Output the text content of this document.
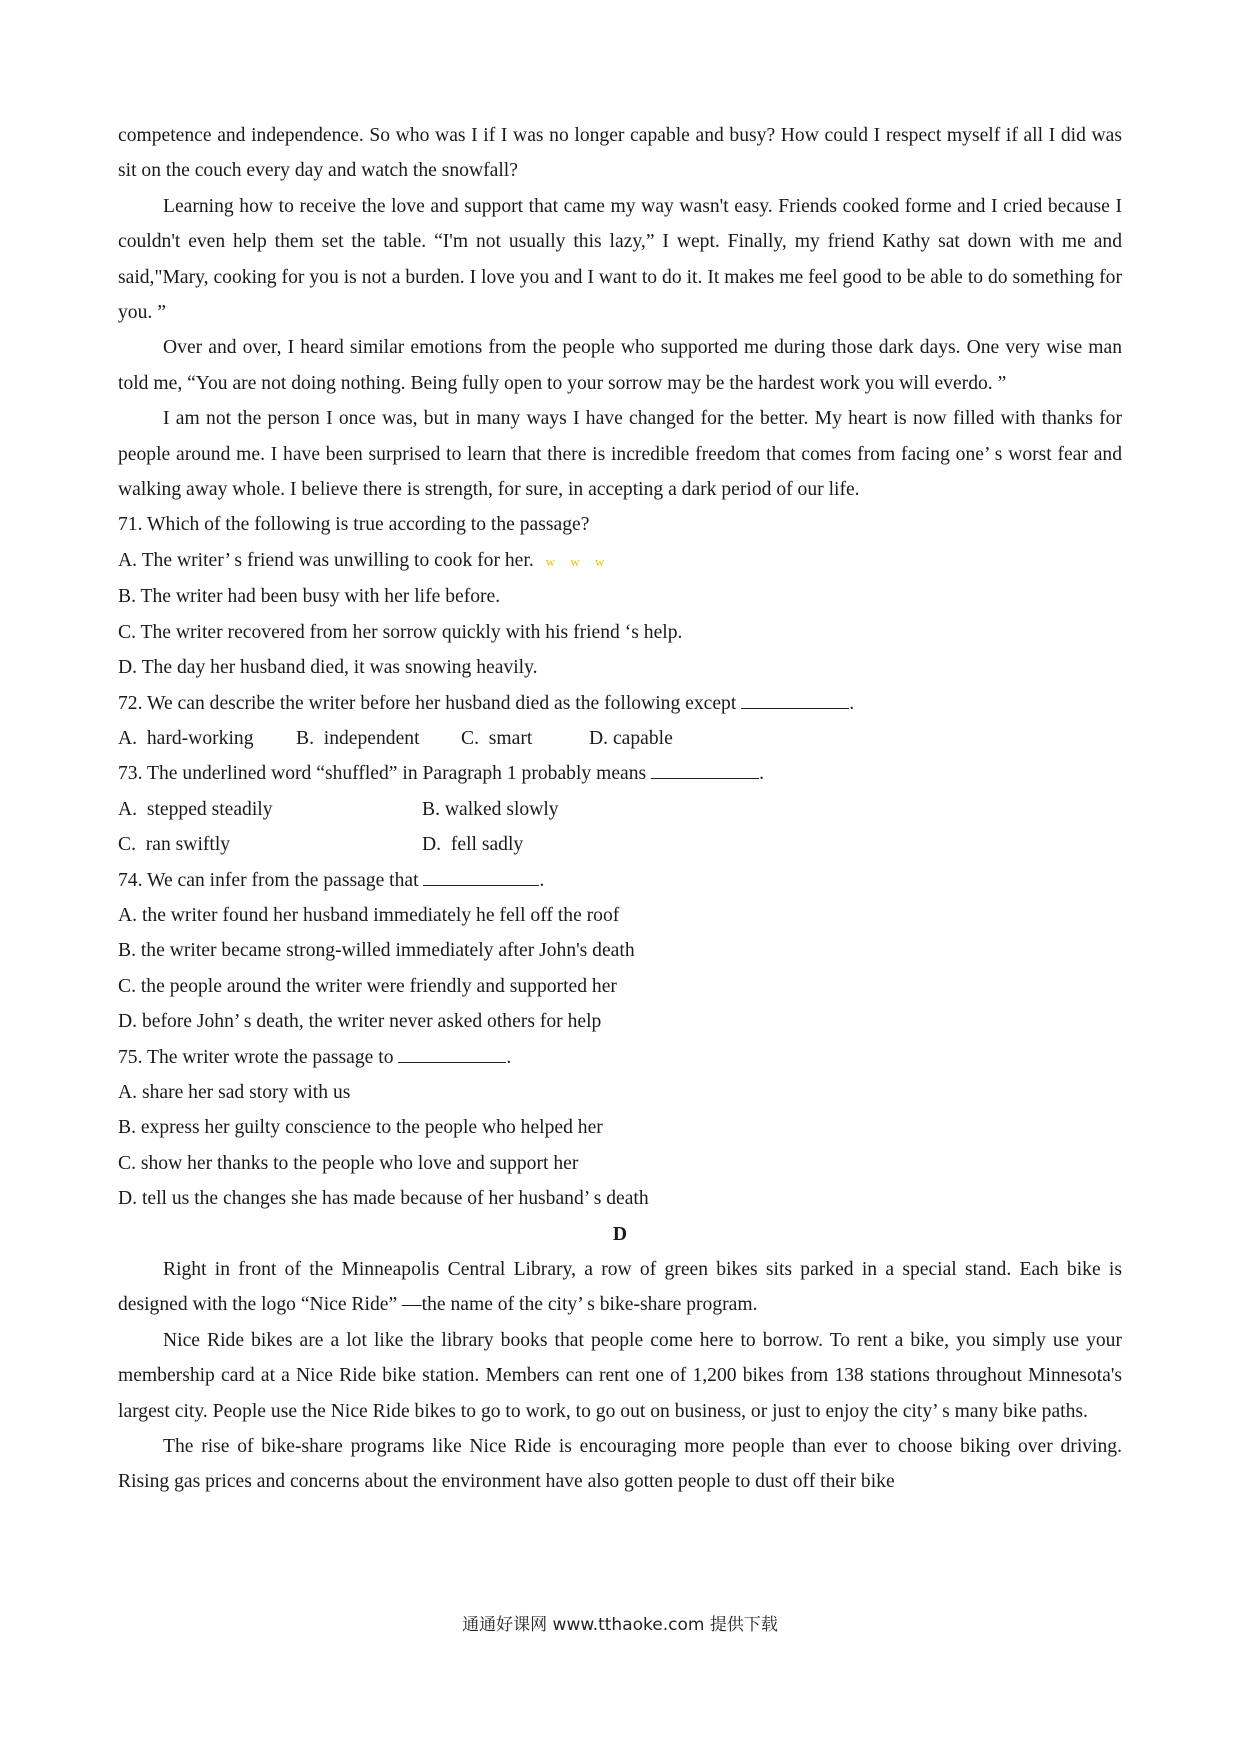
competence and independence. So who was I if I was no longer capable and busy? How could I respect myself if all I did was sit on the couch every day and watch the snowfall?

Learning how to receive the love and support that came my way wasn't easy. Friends cooked forme and I cried because I couldn't even help them set the table. “I'm not usually this lazy,” I wept. Finally, my friend Kathy sat down with me and said,"Mary, cooking for you is not a burden. I love you and I want to do it. It makes me feel good to be able to do something for you. ”

Over and over, I heard similar emotions from the people who supported me during those dark days. One very wise man told me, “You are not doing nothing. Being fully open to your sorrow may be the hardest work you will everdo. ”

I am not the person I once was, but in many ways I have changed for the better. My heart is now filled with thanks for people around me. I have been surprised to learn that there is incredible freedom that comes from facing one’ s worst fear and walking away whole. I believe there is strength, for sure, in accepting a dark period of our life.

71. Which of the following is true according to the passage?

A. The writer’ s friend was unwilling to cook for her. w w w

B. The writer had been busy with her life before.

C. The writer recovered from her sorrow quickly with his friend ‘s help.

D. The day her husband died, it was snowing heavily.

72. We can describe the writer before her husband died as the following except	.

A.  hard-working	B.  independent	C.  smart	D. capable

73. The underlined word “shuffled” in Paragraph 1 probably means	.

A.  stepped steadily	B. walked slowly
C.  ran swiftly	D.  fell sadly

74. We can infer from the passage that	.

A. the writer found her husband immediately he fell off the roof

B. the writer became strong-willed immediately after John's death

C. the people around the writer were friendly and supported her

D. before John’ s death, the writer never asked others for help

75. The writer wrote the passage to	.

A. share her sad story with us

B. express her guilty conscience to the people who helped her

C. show her thanks to the people who love and support her

D. tell us the changes she has made because of her husband’ s death

D

Right in front of the Minneapolis Central Library, a row of green bikes sits parked in a special stand. Each bike is designed with the logo “Nice Ride” —the name of the city’ s bike-share program.

Nice Ride bikes are a lot like the library books that people come here to borrow. To rent a bike, you simply use your membership card at a Nice Ride bike station. Members can rent one of 1,200 bikes from 138 stations throughout Minnesota's largest city. People use the Nice Ride bikes to go to work, to go out on business, or just to enjoy the city’ s many bike paths.

The rise of bike-share programs like Nice Ride is encouraging more people than ever to choose biking over driving. Rising gas prices and concerns about the environment have also gotten people to dust off their bike

通通好课网 www.tthaoke.com 提供下载
